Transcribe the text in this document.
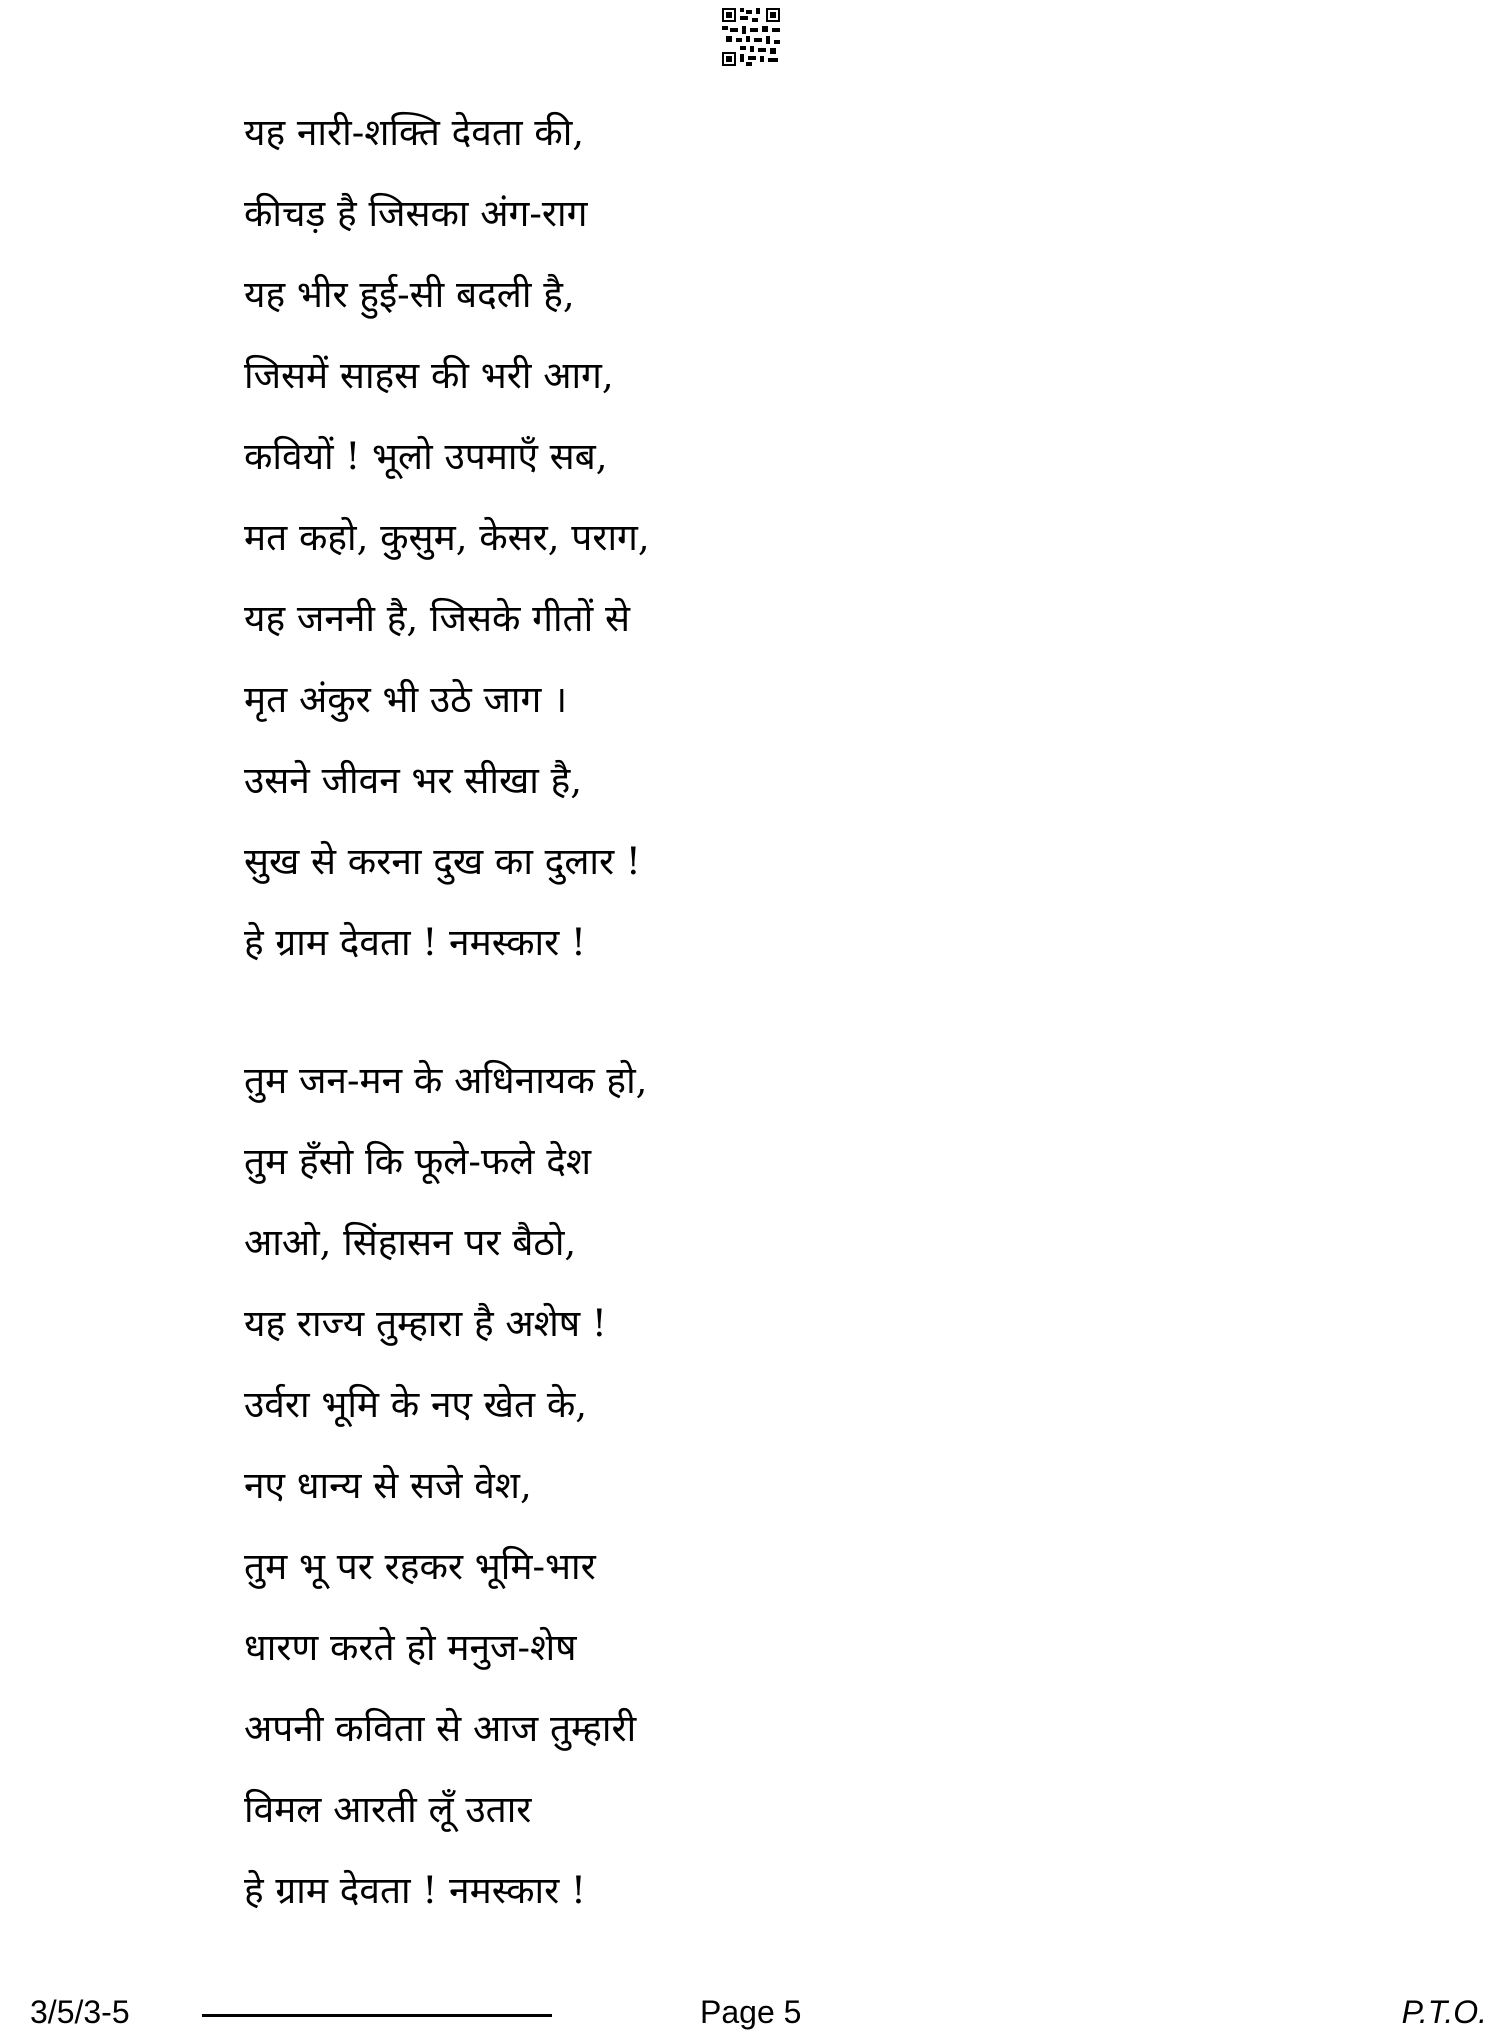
यह नारी-शक्ति देवता की,
कीचड़ है जिसका अंग-राग
यह भीर हुई-सी बदली है,
जिसमें साहस की भरी आग,
कवियों ! भूलो उपमाएँ सब,
मत कहो, कुसुम, केसर, पराग,
यह जननी है, जिसके गीतों से
मृत अंकुर भी उठे जाग ।
उसने जीवन भर सीखा है,
सुख से करना दुख का दुलार !
हे ग्राम देवता ! नमस्कार !
तुम जन-मन के अधिनायक हो,
तुम हँसो कि फूले-फले देश
आओ, सिंहासन पर बैठो,
यह राज्य तुम्हारा है अशेष !
उर्वरा भूमि के नए खेत के,
नए धान्य से सजे वेश,
तुम भू पर रहकर भूमि-भार
धारण करते हो मनुज-शेष
अपनी कविता से आज तुम्हारी
विमल आरती लूँ उतार
हे ग्राम देवता ! नमस्कार !
3/5/3-5	Page 5	P.T.O.
